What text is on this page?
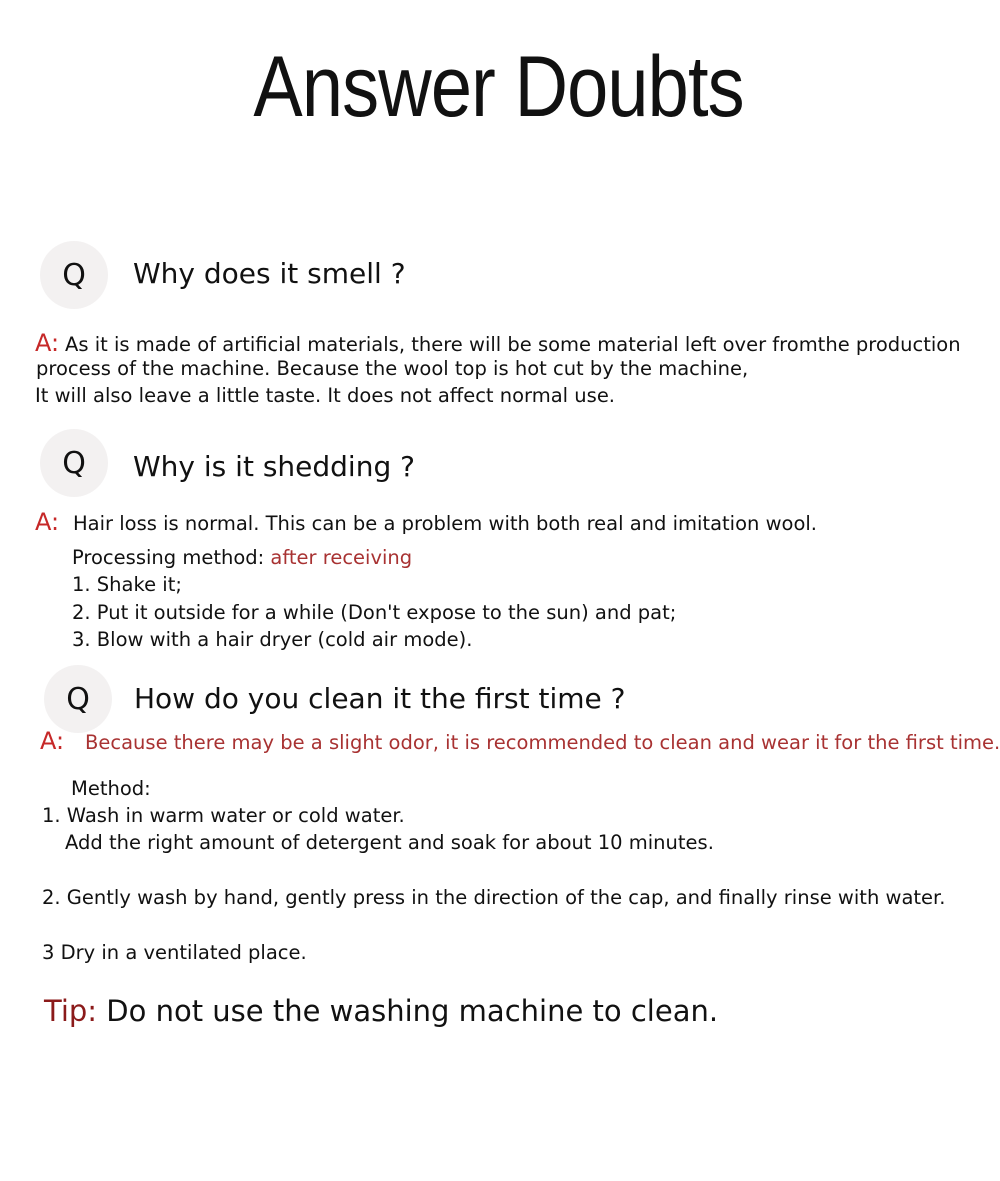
Answer Doubts
Q Why does it smell ?
A: As it is made of artificial materials, there will be some material left over fromthe production
process of the machine. Because the wool top is hot cut by the machine,
It will also leave a little taste. It does not affect normal use.
Q Why is it shedding ?
A: Hair loss is normal. This can be a problem with both real and imitation wool.
Processing method: after receiving
1. Shake it;
2. Put it outside for a while (Don't expose to the sun) and pat;
3. Blow with a hair dryer (cold air mode).
Q How do you clean it the first time ?
A: Because there may be a slight odor, it is recommended to clean and wear it for the first time.
Method:
1. Wash in warm water or cold water.
Add the right amount of detergent and soak for about 10 minutes.
2. Gently wash by hand, gently press in the direction of the cap, and finally rinse with water.
3 Dry in a ventilated place.
Tip: Do not use the washing machine to clean.
